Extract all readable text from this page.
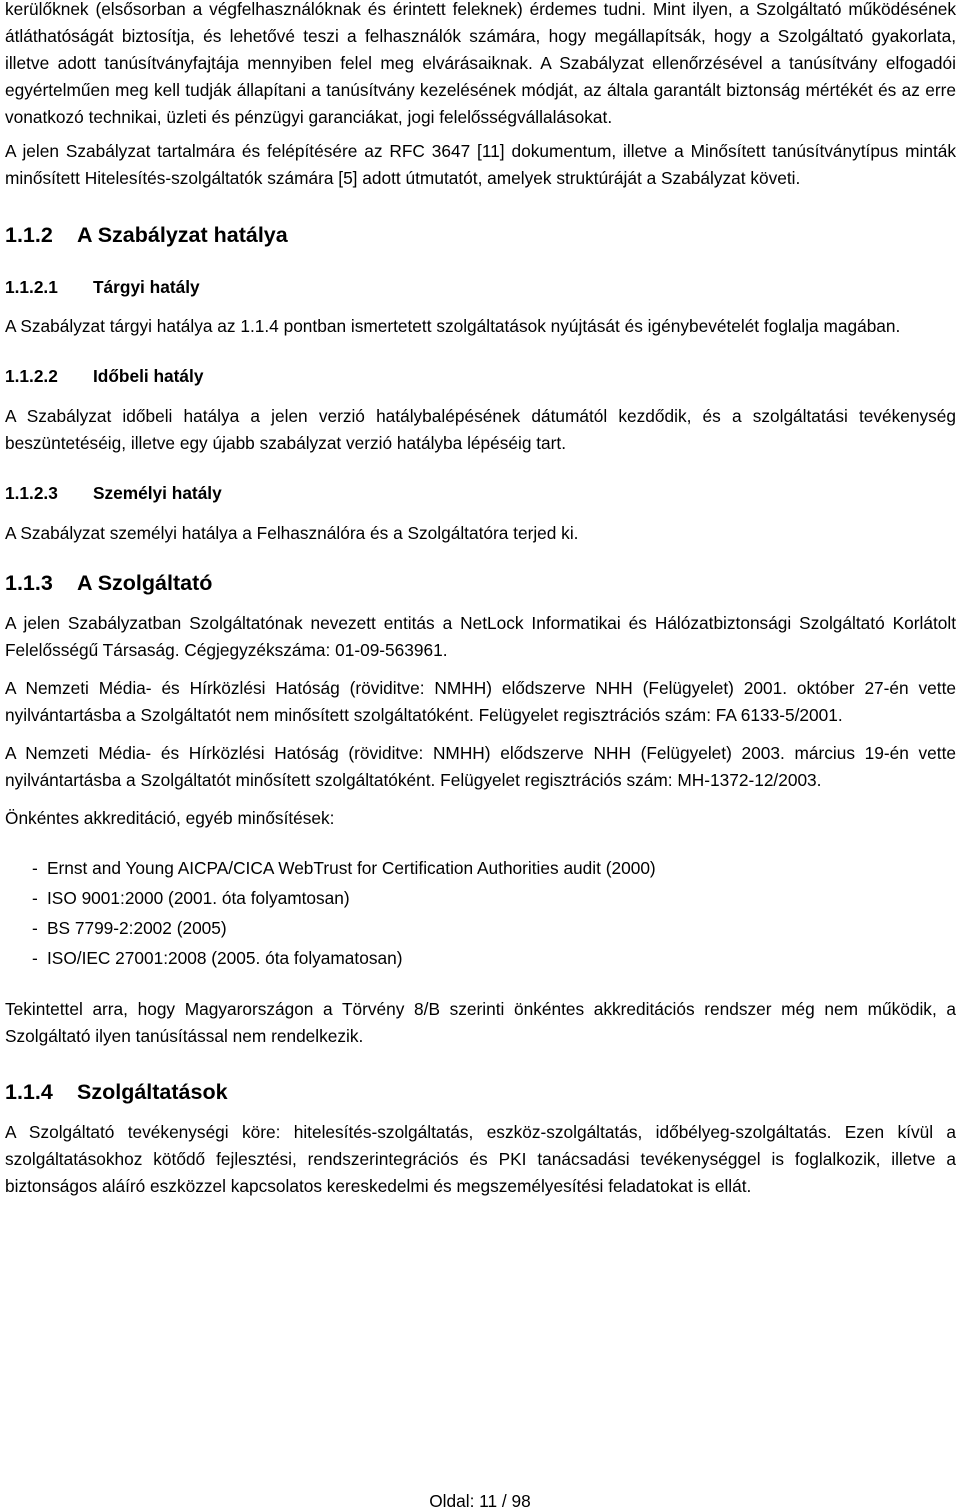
kerülőknek (elsősorban a végfelhasználóknak és érintett feleknek) érdemes tudni. Mint ilyen, a Szolgáltató működésének átláthatóságát biztosítja, és lehetővé teszi a felhasználók számára, hogy megállapítsák, hogy a Szolgáltató gyakorlata, illetve adott tanúsítványfajtája mennyiben felel meg elvárásaiknak. A Szabályzat ellenőrzésével a tanúsítvány elfogadói egyértelműen meg kell tudják állapítani a tanúsítvány kezelésének módját, az általa garantált biztonság mértékét és az erre vonatkozó technikai, üzleti és pénzügyi garanciákat, jogi felelősségvállalásokat.

A jelen Szabályzat tartalmára és felépítésére az RFC 3647 [11] dokumentum, illetve a Minősített tanúsítványtípus minták minősített Hitelesítés-szolgáltatók számára [5] adott útmutatót, amelyek struktúráját a Szabályzat követi.

1.1.2	A Szabályzat hatálya
1.1.2.1	Tárgyi hatály

A Szabályzat tárgyi hatálya az 1.1.4 pontban ismertetett szolgáltatások nyújtását és igénybevételét foglalja magában.

1.1.2.2	Időbeli hatály

A Szabályzat időbeli hatálya a jelen verzió hatálybalépésének dátumától kezdődik, és a szolgáltatási tevékenység beszüntetéséig, illetve egy újabb szabályzat verzió hatályba lépéséig tart.

1.1.2.3	Személyi hatály

A Szabályzat személyi hatálya a Felhasználóra és a Szolgáltatóra terjed ki.

1.1.3	A Szolgáltató

A jelen Szabályzatban Szolgáltatónak nevezett entitás a NetLock Informatikai és Hálózatbiztonsági Szolgáltató Korlátolt Felelősségű Társaság. Cégjegyzékszáma: 01-09-563961.

A Nemzeti Média- és Hírközlési Hatóság (röviditve: NMHH) elődszerve NHH (Felügyelet) 2001. október 27-én vette nyilvántartásba a Szolgáltatót nem minősített szolgáltatóként. Felügyelet regisztrációs szám: FA 6133-5/2001.

A Nemzeti Média- és Hírközlési Hatóság (röviditve: NMHH) elődszerve NHH (Felügyelet) 2003. március 19-én vette nyilvántartásba a Szolgáltatót minősített szolgáltatóként. Felügyelet regisztrációs szám: MH-1372-12/2003.

Önkéntes akkreditáció, egyéb minősítések:

- Ernst and Young AICPA/CICA WebTrust for Certification Authorities audit (2000)
- ISO 9001:2000 (2001. óta folyamtosan)
- BS 7799-2:2002 (2005)
- ISO/IEC 27001:2008 (2005. óta folyamatosan)

Tekintettel arra, hogy Magyarországon a Törvény 8/B szerinti önkéntes akkreditációs rendszer még nem működik, a Szolgáltató ilyen tanúsítással nem rendelkezik.

1.1.4	Szolgáltatások

A Szolgáltató tevékenységi köre: hitelesítés-szolgáltatás, eszköz-szolgáltatás, időbélyeg-szolgáltatás. Ezen kívül a szolgáltatásokhoz kötődő fejlesztési, rendszerintegrációs és PKI tanácsadási tevékenységgel is foglalkozik, illetve a biztonságos aláíró eszközzel kapcsolatos kereskedelmi és megszemélyesítési feladatokat is ellát.

Oldal: 11 / 98
